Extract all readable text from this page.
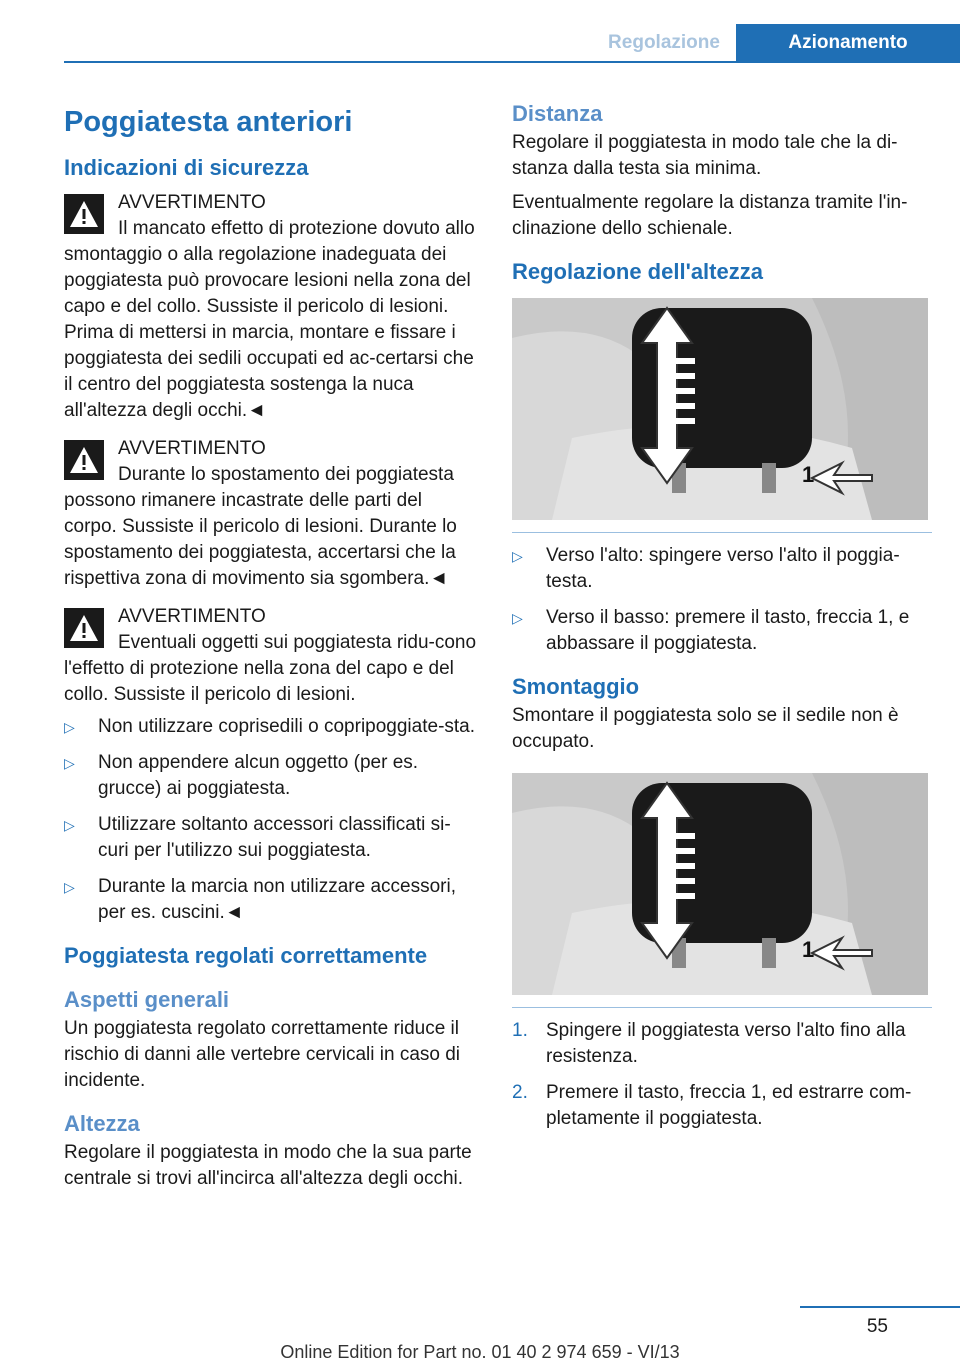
Regolazione	Azionamento
Poggiatesta anteriori
Indicazioni di sicurezza
AVVERTIMENTO
Il mancato effetto di protezione dovuto allo smontaggio o alla regolazione inadeguata dei poggiatesta può provocare lesioni nella zona del capo e del collo. Sussiste il pericolo di lesioni. Prima di mettersi in marcia, montare e fissare i poggiatesta dei sedili occupati ed ac‐certarsi che il centro del poggiatesta sostenga la nuca all'altezza degli occhi.◄
AVVERTIMENTO
Durante lo spostamento dei poggiatesta possono rimanere incastrate delle parti del corpo. Sussiste il pericolo di lesioni. Durante lo spostamento dei poggiatesta, accertarsi che la rispettiva zona di movimento sia sgombera.◄
AVVERTIMENTO
Eventuali oggetti sui poggiatesta ridu‐cono l'effetto di protezione nella zona del capo e del collo. Sussiste il pericolo di lesioni.
▷ Non utilizzare coprisedili o copripoggiate‐sta.
▷ Non appendere alcun oggetto (per es. grucce) ai poggiatesta.
▷ Utilizzare soltanto accessori classificati si‐curi per l'utilizzo sui poggiatesta.
▷ Durante la marcia non utilizzare accessori, per es. cuscini.◄
Poggiatesta regolati correttamente
Aspetti generali
Un poggiatesta regolato correttamente riduce il rischio di danni alle vertebre cervicali in caso di incidente.
Altezza
Regolare il poggiatesta in modo che la sua parte centrale si trovi all'incirca all'altezza degli occhi.
Distanza
Regolare il poggiatesta in modo tale che la di‐stanza dalla testa sia minima.
Eventualmente regolare la distanza tramite l'in‐clinazione dello schienale.
Regolazione dell'altezza
1
▷ Verso l'alto: spingere verso l'alto il poggia‐testa.
▷ Verso il basso: premere il tasto, freccia 1, e abbassare il poggiatesta.
Smontaggio
Smontare il poggiatesta solo se il sedile non è occupato.
1
1. Spingere il poggiatesta verso l'alto fino alla resistenza.
2. Premere il tasto, freccia 1, ed estrarre com‐pletamente il poggiatesta.
55
Online Edition for Part no. 01 40 2 974 659 - VI/13
